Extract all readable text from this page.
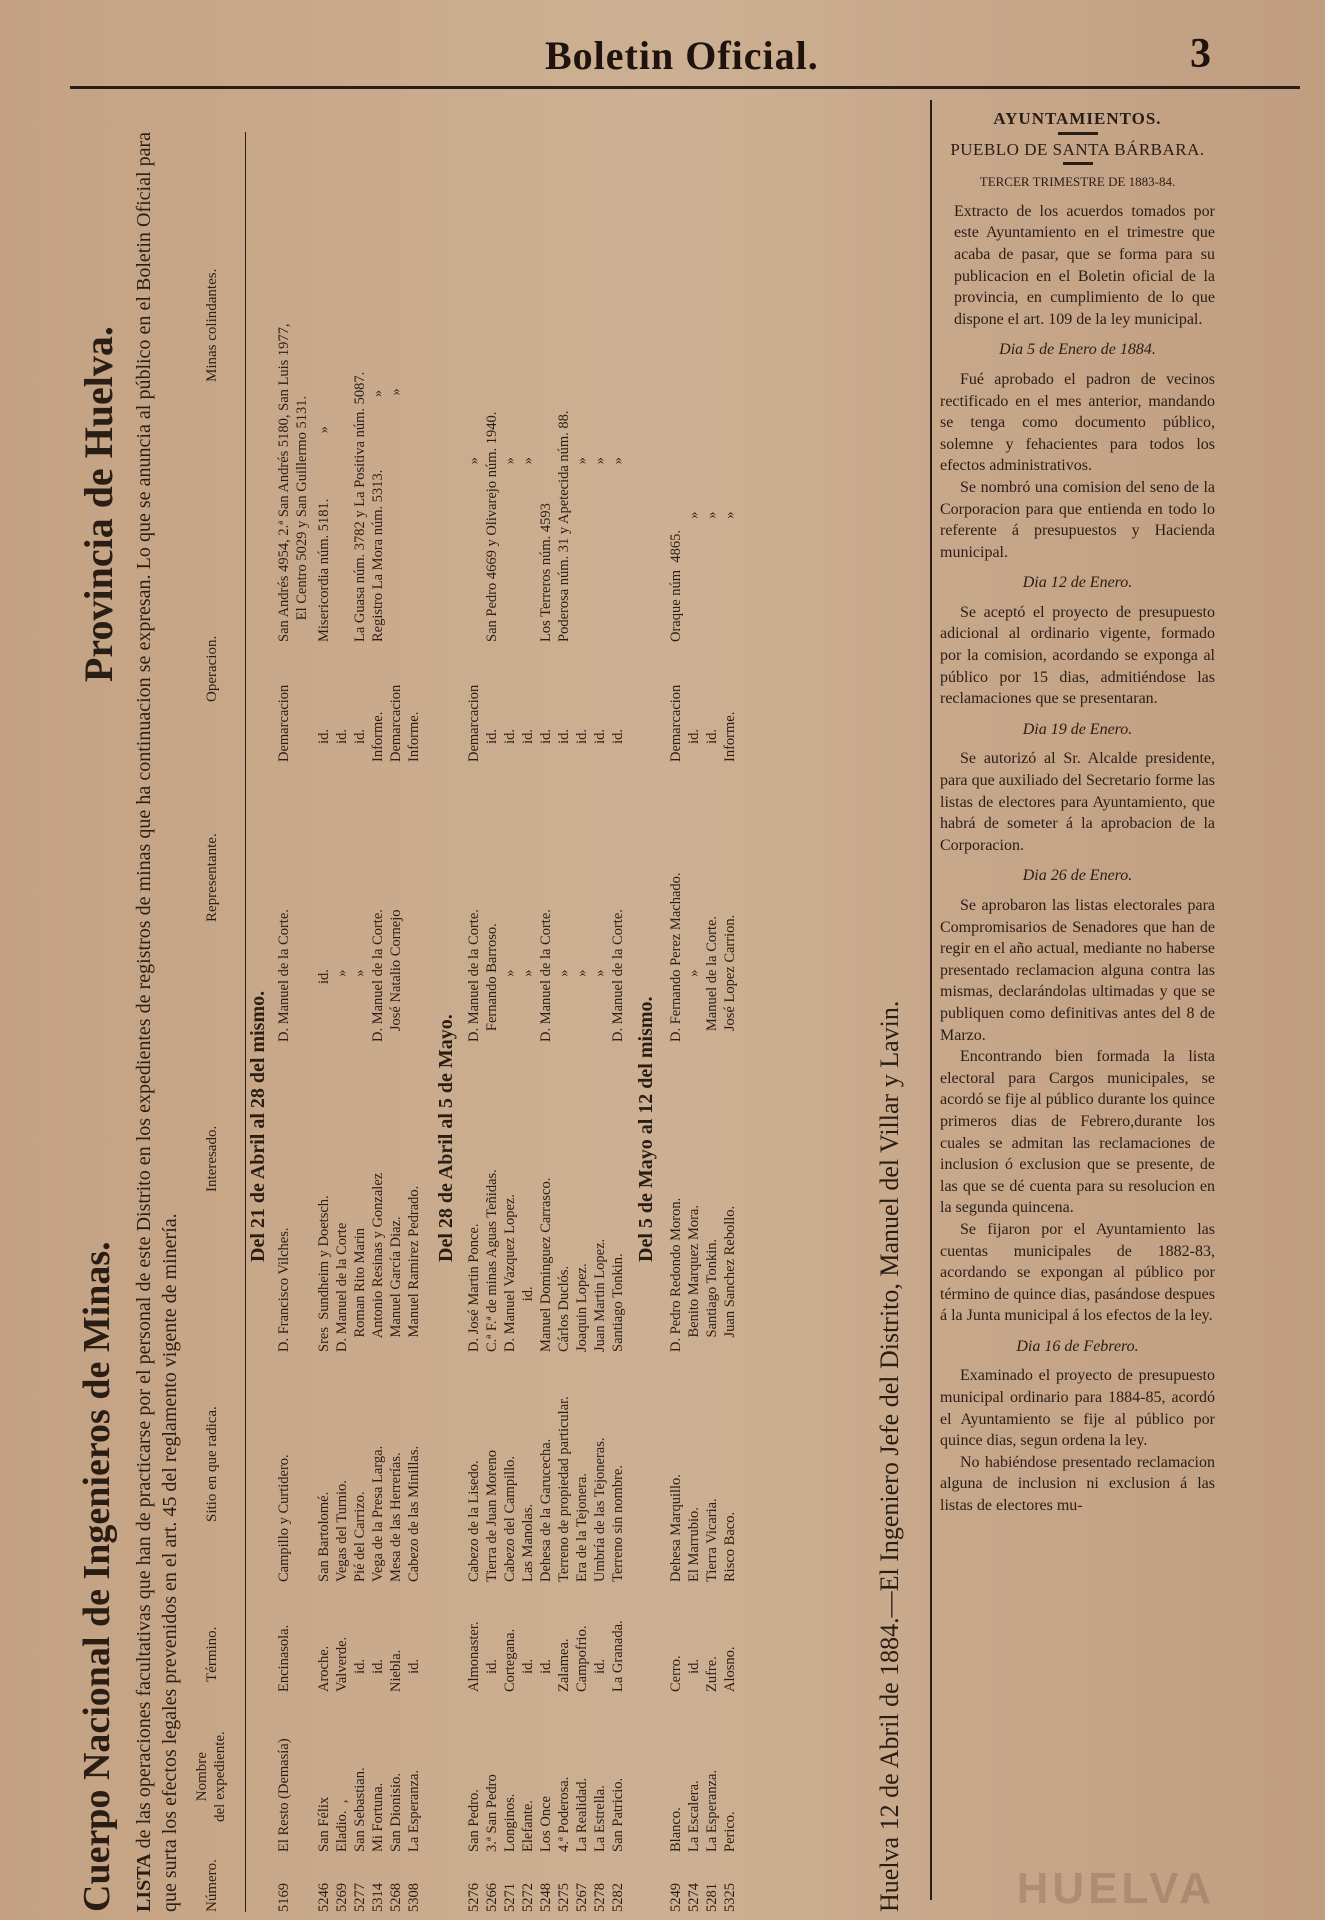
Boletin Oficial.	3
Cuerpo Nacional de Ingenieros de Minas.
Provincia de Huelva.
LISTA de las operaciones facultativas que han de practicarse por el personal de este Distrito en los expedientes de registros de minas que ha continuacion se expresan. Lo que se anuncia al público en el Boletin Oficial para que surta los efectos legales prevenidos en el art. 45 del reglamento vigente de minería. Número.
Nombre
del expediente.
Término.
Sitio en que radica.
Interesado.
Representante.
Operacion.
Minas colindantes.
Del 21 de Abril al 28 del mismo.
5169
El Resto (Demasía)
Encinasola.
Campillo y Curtidero.
D. Francisco Vilches.
D. Manuel de la Corte.
Demarcacion
San Andrés 4954, 2.ª San Andrés 5180, San Luis 1977,
El Centro 5029 y San Guillermo 5131.
5246
5269
5277
5314
5268
5308
San Félix
Eladio.  ,
San Sebastian.
Mi Fortuna.
San Dionisio.
La Esperanza.
Aroche.
Valverde.
id.
id.
Niebla.
id.
San Bartolomé.
Vegas del Turnio.
Pié del Carrizo.
Vega de la Presa Larga.
Mesa de las Herrerías.
Cabezo de las Minillas.
Sres  Sundheim y Doetsch.
D. Manuel de la Corte
Roman Rito Marin
Antonio Resinas y Gonzalez
Manuel García Diaz.
Manuel Ramirez Pedrado.
id.
»
»
D. Manuel de la Corte.
José Natalio Cornejo
id.
id.
id.
Informe.
Demarcacion
Informe.
Misericordia núm. 5181.                  »

La Guasa núm. 3782 y La Positiva núm. 5087.
Registro La Mora núm. 5313.                    »
»
Del 28 de Abril al 5 de Mayo.
5276
5266
5271
5272
5248
5275
5267
5278
5282
San Pedro.
3.ª San Pedro
Longinos.
Elefante.
Los Once
4.ª Poderosa.
La Realidad.
La Estrella.
San Patricio.
Almonaster.
id.
Cortegana.
id.
id.
Zalamea.
Campofrio.
id.
La Granada.
Cabezo de la Lisedo.
Tierra de Juan Moreno
Cabezo del Campillo.
Las Manolas.
Dehesa de la Garucecha.
Terreno de propiedad particular.
Era de la Tejonera.
Umbría de las Tejoneras.
Terreno sin nombre.
D. José Martin Ponce.
C.ª F.ª de minas Aguas Teñidas.
D. Manuel Vazquez Lopez.
id.
Manuel Dominguez Carrasco.
Cárlos Duclós.
Joaquin Lopez.
Juan Martin Lopez.
Santiago Tonkin.
D. Manuel de la Corte.
Fernando Barroso.
»
»
D. Manuel de la Corte.
»
»
»
D. Manuel de la Corte.
Demarcacion
id.
id.
id.
id.
id.
id.
id.
id.
»
San Pedro 4669 y Olivarejo núm. 1940.
»
»
Los Terreros núm. 4593
Poderosa núm. 31 y Apetecida núm. 88.
»
»
»
Del 5 de Mayo al 12 del mismo.
5249
5274
5281
5325
Blanco.
La Escalera.
La Esperanza.
Perico.
Cerro.
id.
Zufre.
Alosno.
Dehesa Marquillo.
El Marrubio.
Tierra Vicaria.
Risco Baco.
D. Pedro Redondo Moron.
Benito Marquez Mora.
Santiago Tonkin.
Juan Sanchez Rebollo.
D. Fernando Perez Machado.
»
Manuel de la Corte.
José Lopez Carrion.
Demarcacion
id.
id.
Informe.
Oraque núm  4865.
»
»
»
Huelva 12 de Abril de 1884.—El Ingeniero Jefe del Distrito, Manuel del Villar y Lavin.
AYUNTAMIENTOS.
PUEBLO DE SANTA BÁRBARA.
TERCER TRIMESTRE DE 1883-84.

Extracto de los acuerdos tomados por este Ayuntamiento en el trimestre que acaba de pasar, que se forma para su publicacion en el Boletin oficial de la provincia, en cumplimiento de lo que dispone el art. 109 de la ley municipal.

Dia 5 de Enero de 1884.

Fué aprobado el padron de vecinos rectificado en el mes anterior, mandando se tenga como documento público, solemne y fehacientes para todos los efectos administrativos.

Se nombró una comision del seno de la Corporacion para que entienda en todo lo referente á presupuestos y Hacienda municipal.

Dia 12 de Enero.

Se aceptó el proyecto de presupuesto adicional al ordinario vigente, formado por la comision, acordando se exponga al público por 15 dias, admitiéndose las reclamaciones que se presentaran.

Dia 19 de Enero.

Se autorizó al Sr. Alcalde presidente, para que auxiliado del Secretario forme las listas de electores para Ayuntamiento, que habrá de someter á la aprobacion de la Corporacion.

Dia 26 de Enero.

Se aprobaron las listas electorales para Compromisarios de Senadores que han de regir en el año actual, mediante no haberse presentado reclamacion alguna contra las mismas, declarándolas ultimadas y que se publiquen como definitivas antes del 8 de Marzo.

Encontrando bien formada la lista electoral para Cargos municipales, se acordó se fije al público durante los quince primeros dias de Febrero,durante los cuales se admitan las reclamaciones de inclusion ó exclusion que se presente, de las que se dé cuenta para su resolucion en la segunda quincena.

Se fijaron por el Ayuntamiento las cuentas municipales de 1882-83, acordando se expongan al público por término de quince dias, pasándose despues á la Junta municipal á los efectos de la ley.

Dia 16 de Febrero.

Examinado el proyecto de presupuesto municipal ordinario para 1884-85, acordó el Ayuntamiento se fije al público por quince dias, segun ordena la ley.

No habiéndose presentado reclamacion alguna de inclusion ni exclusion á las listas de electores mu-

HUELVA
